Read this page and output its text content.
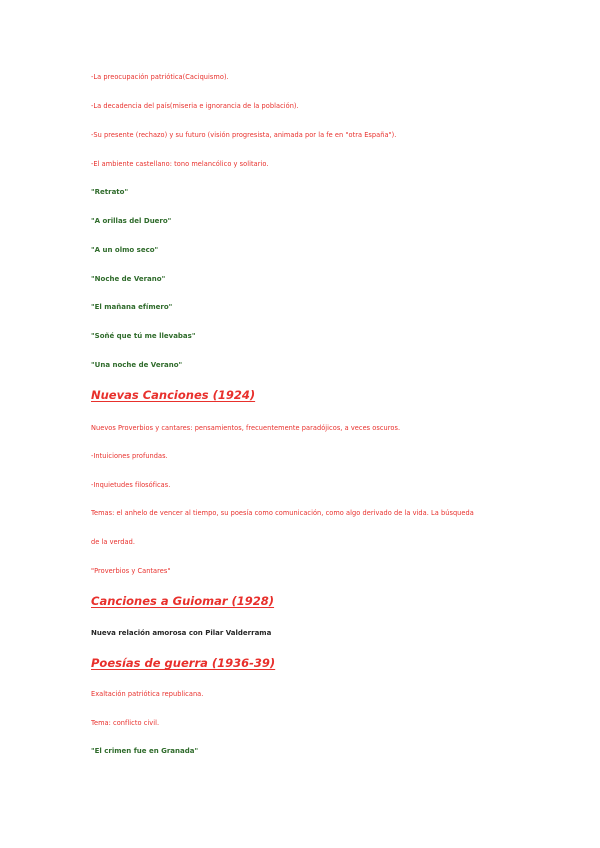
-La preocupación patriótica(Caciquismo).
-La decadencia del país(miseria e ignorancia de la población).
-Su presente (rechazo) y su futuro (visión progresista, animada por la fe en "otra España").
-El ambiente castellano: tono melancólico y solitario.
"Retrato"
"A orillas del Duero"
"A un olmo seco"
"Noche de Verano"
"El mañana efímero"
"Soñé que tú me llevabas"
"Una noche de Verano"
Nuevas Canciones (1924)
Nuevos Proverbios y cantares: pensamientos, frecuentemente paradójicos, a veces oscuros.
-Intuiciones profundas.
-Inquietudes filosóficas.
Temas: el anhelo de vencer al tiempo, su poesía como comunicación, como algo derivado de la vida. La búsqueda
de la verdad.
"Proverbios y Cantares"
Canciones a Guiomar (1928)
Nueva relación amorosa con Pilar Valderrama
Poesías de guerra (1936-39)
Exaltación patriótica republicana.
Tema: conflicto civil.
"El crimen fue en Granada"
